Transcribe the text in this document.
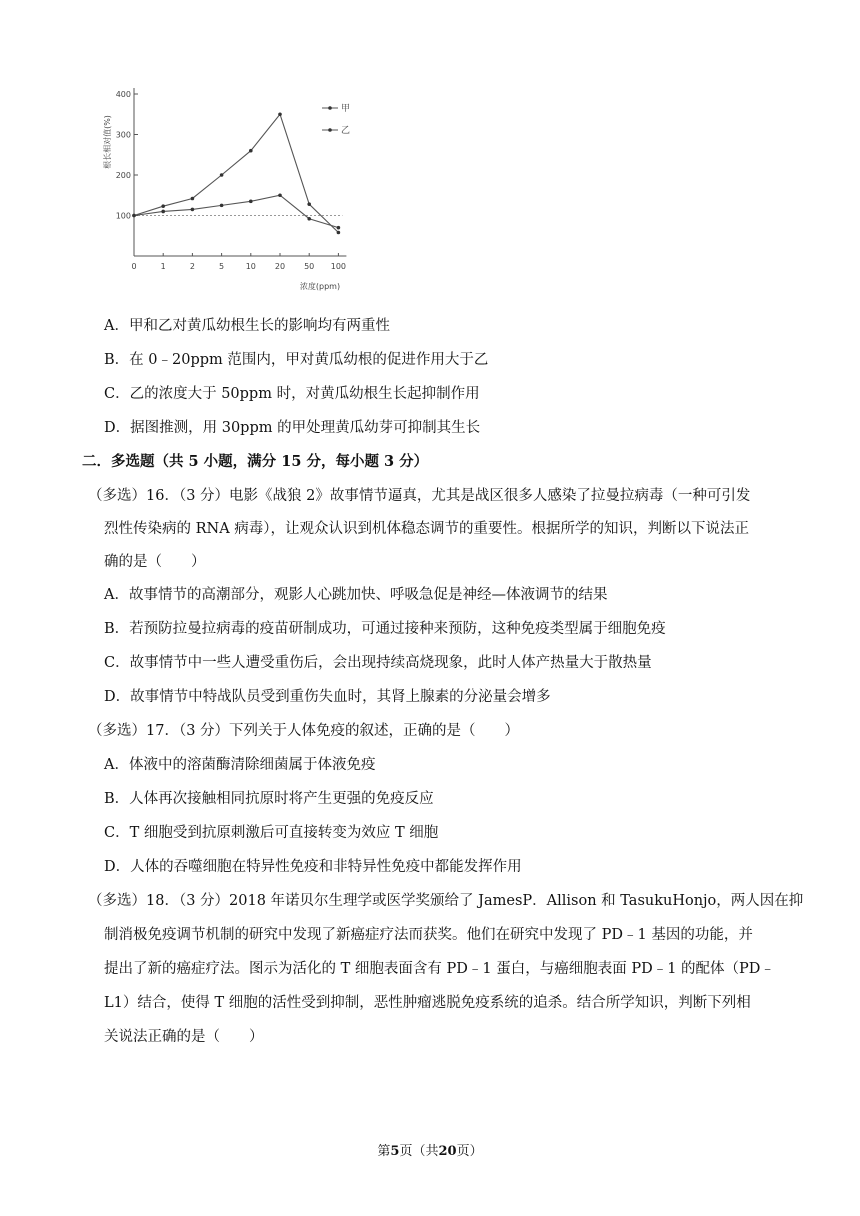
400
300
200
100
0	1	2	5	10 20 50 100
根长相对值(%)
浓度(ppm)
甲
乙
A．甲和乙对黄瓜幼根生长的影响均有两重性
B．在 0﹣20ppm 范围内，甲对黄瓜幼根的促进作用大于乙
C．乙的浓度大于 50ppm 时，对黄瓜幼根生长起抑制作用
D．据图推测，用 30ppm 的甲处理黄瓜幼芽可抑制其生长
二．多选题（共 5 小题，满分 15 分，每小题 3 分）
（多选）16．（3 分）电影《战狼 2》故事情节逼真，尤其是战区很多人感染了拉曼拉病毒（一种可引发
烈性传染病的 RNA 病毒），让观众认识到机体稳态调节的重要性。根据所学的知识，判断以下说法正
确的是（　　）
A．故事情节的高潮部分，观影人心跳加快、呼吸急促是神经—体液调节的结果
B．若预防拉曼拉病毒的疫苗研制成功，可通过接种来预防，这种免疫类型属于细胞免疫
C．故事情节中一些人遭受重伤后，会出现持续高烧现象，此时人体产热量大于散热量
D．故事情节中特战队员受到重伤失血时，其肾上腺素的分泌量会增多
（多选）17．（3 分）下列关于人体免疫的叙述，正确的是（　　）
A．体液中的溶菌酶清除细菌属于体液免疫
B．人体再次接触相同抗原时将产生更强的免疫反应
C．T 细胞受到抗原刺激后可直接转变为效应 T 细胞
D．人体的吞噬细胞在特异性免疫和非特异性免疫中都能发挥作用
（多选）18．（3 分）2018 年诺贝尔生理学或医学奖颁给了 JamesP．Allison 和 TasukuHonjo，两人因在抑
制消极免疫调节机制的研究中发现了新癌症疗法而获奖。他们在研究中发现了 PD﹣1 基因的功能，并
提出了新的癌症疗法。图示为活化的 T 细胞表面含有 PD﹣1 蛋白，与癌细胞表面 PD﹣1 的配体（PD﹣
L1）结合，使得 T 细胞的活性受到抑制，恶性肿瘤逃脱免疫系统的追杀。结合所学知识，判断下列相
关说法正确的是（　　）
第5页（共20页）
